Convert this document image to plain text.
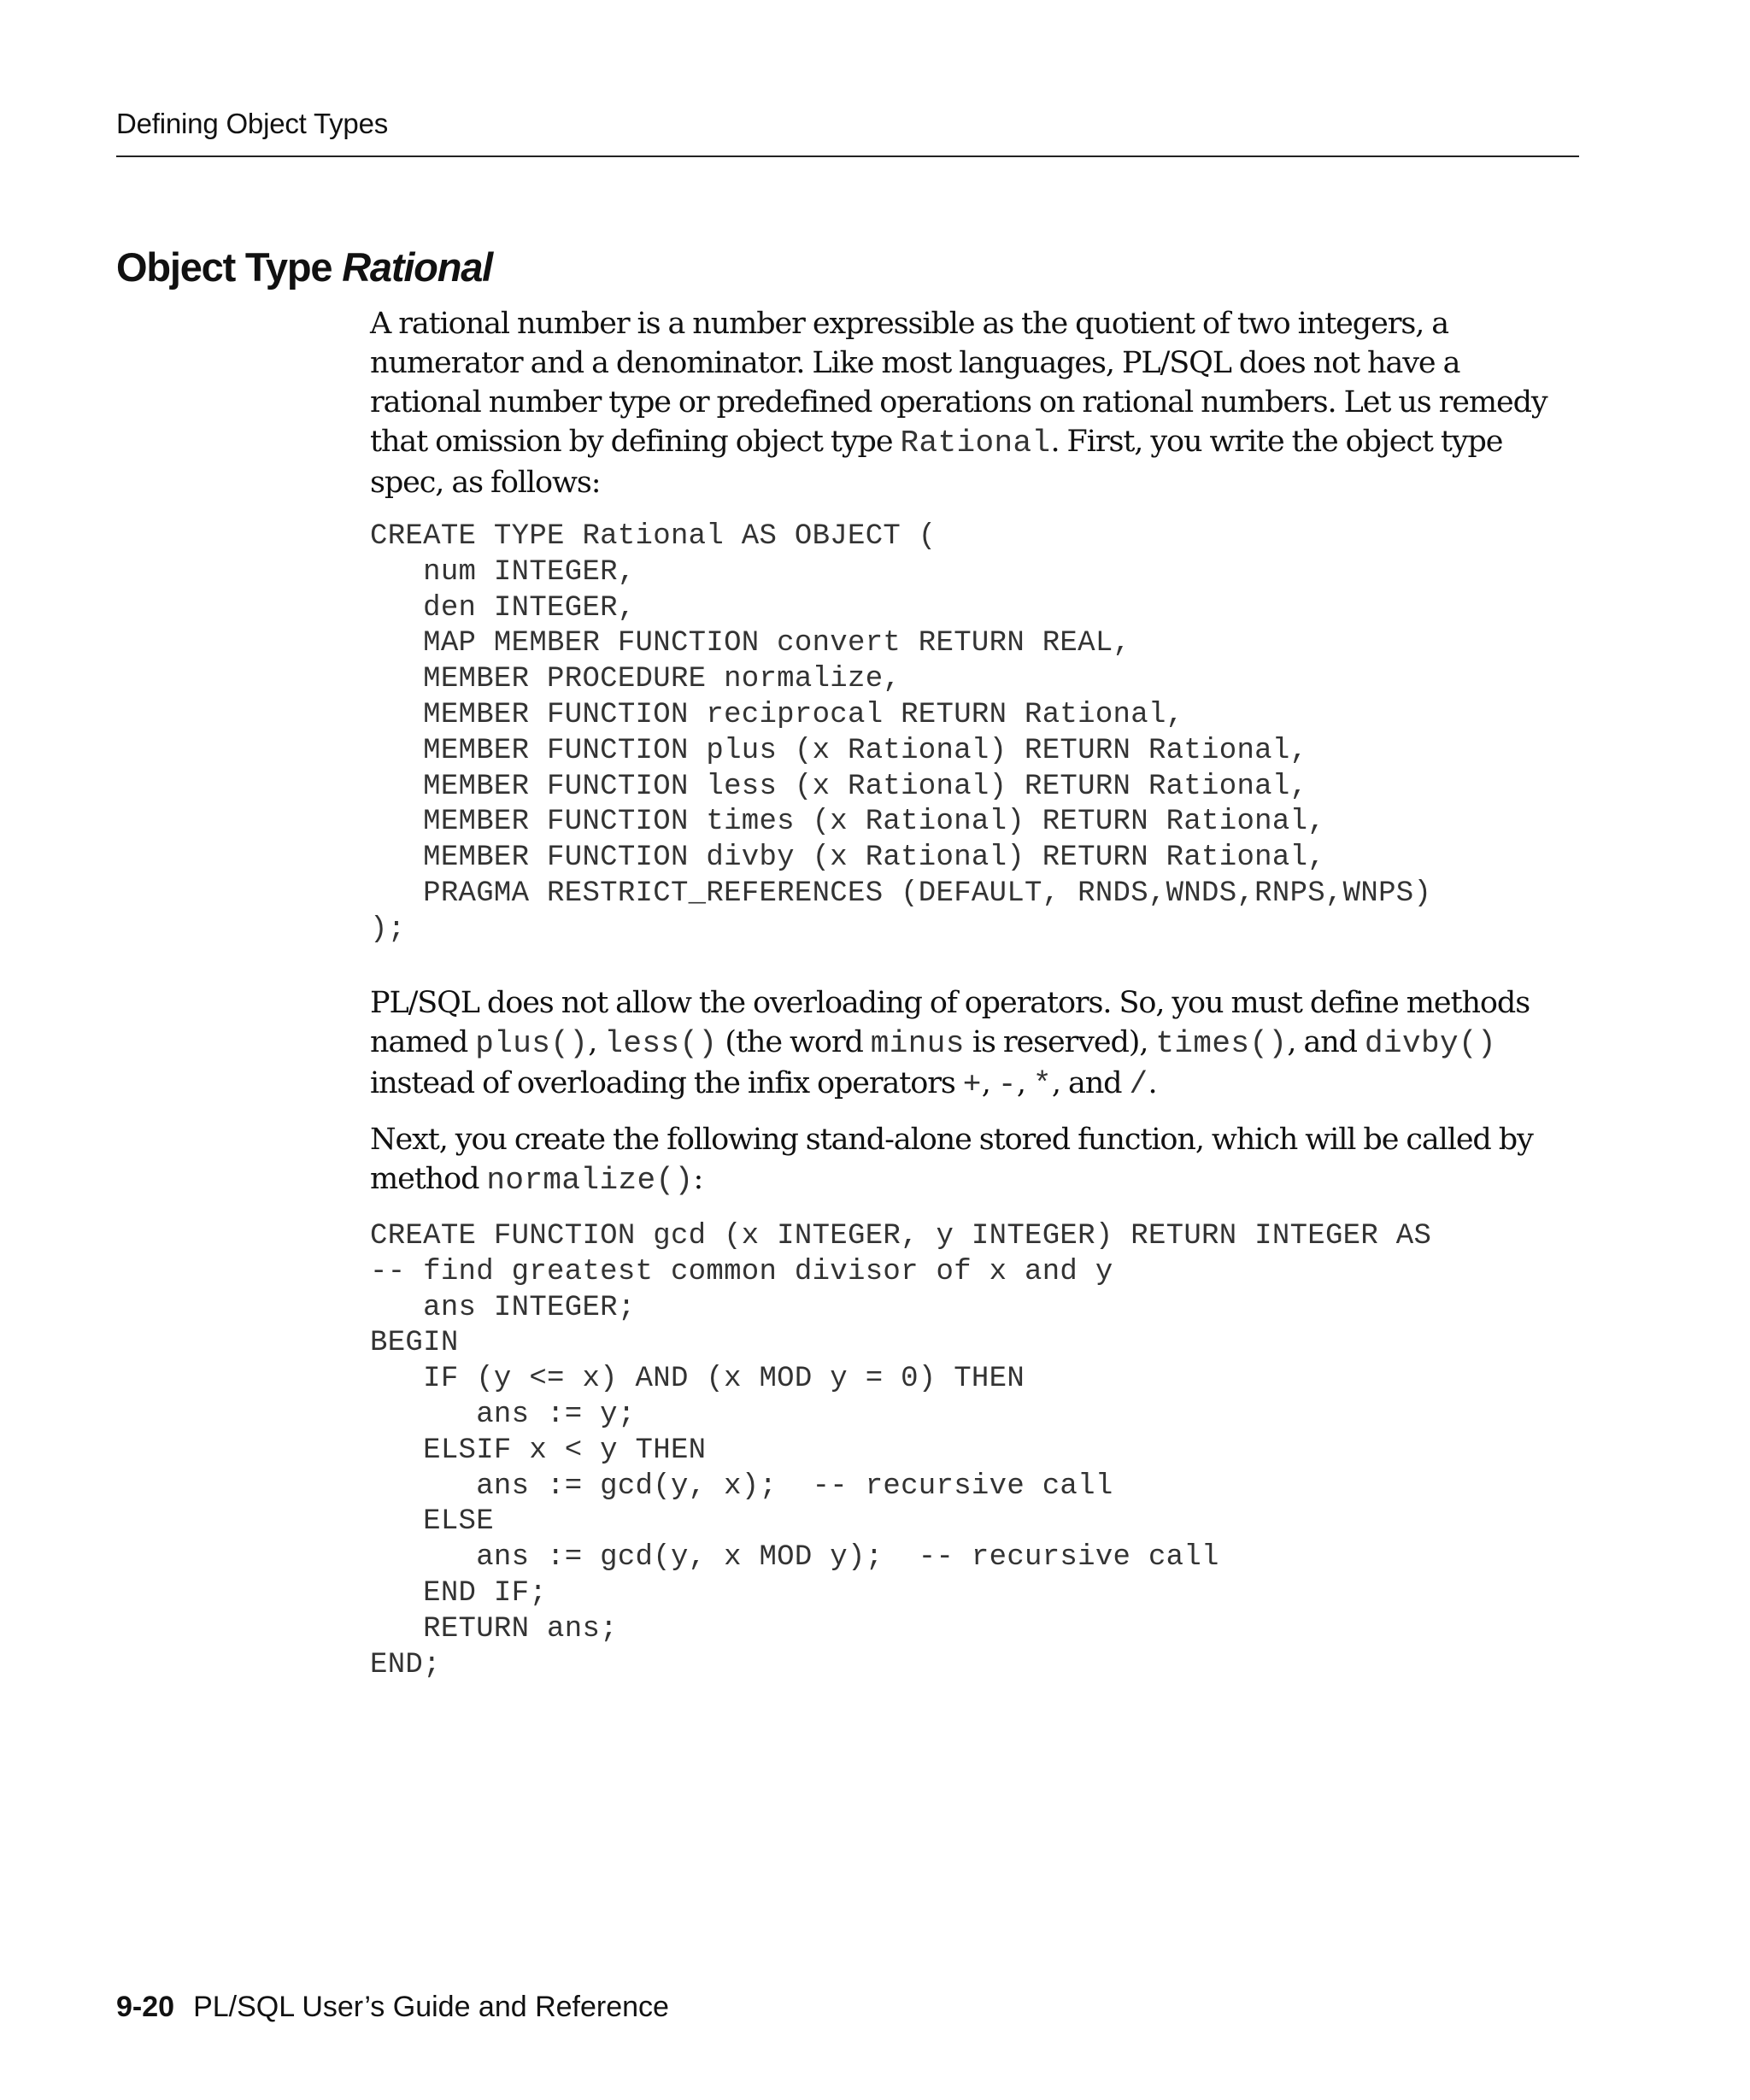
Defining Object Types
Object Type Rational

A rational number is a number expressible as the quotient of two integers, a

numerator and a denominator. Like most languages, PL/SQL does not have a

rational number type or predefined operations on rational numbers. Let us remedy

that omission by defining object type Rational. First, you write the object type

spec, as follows:

CREATE TYPE Rational AS OBJECT (
num INTEGER,
den INTEGER,
MAP MEMBER FUNCTION convert RETURN REAL,
MEMBER PROCEDURE normalize,
MEMBER FUNCTION reciprocal RETURN Rational,
MEMBER FUNCTION plus (x Rational) RETURN Rational,
MEMBER FUNCTION less (x Rational) RETURN Rational,
MEMBER FUNCTION times (x Rational) RETURN Rational,
MEMBER FUNCTION divby (x Rational) RETURN Rational,
PRAGMA RESTRICT_REFERENCES (DEFAULT, RNDS,WNDS,RNPS,WNPS)
);

PL/SQL does not allow the overloading of operators. So, you must define methods

named plus(), less() (the word minus is reserved), times(), and divby()

instead of overloading the infix operators +, -, *, and /.

Next, you create the following stand-alone stored function, which will be called by

method normalize():

CREATE FUNCTION gcd (x INTEGER, y INTEGER) RETURN INTEGER AS
-- find greatest common divisor of x and y
ans INTEGER;
BEGIN
IF (y <= x) AND (x MOD y = 0) THEN
ans := y;
ELSIF x < y THEN
ans := gcd(y, x);  -- recursive call
ELSE
ans := gcd(y, x MOD y);  -- recursive call
END IF;
RETURN ans;
END;
9-20 PL/SQL User’s Guide and Reference
